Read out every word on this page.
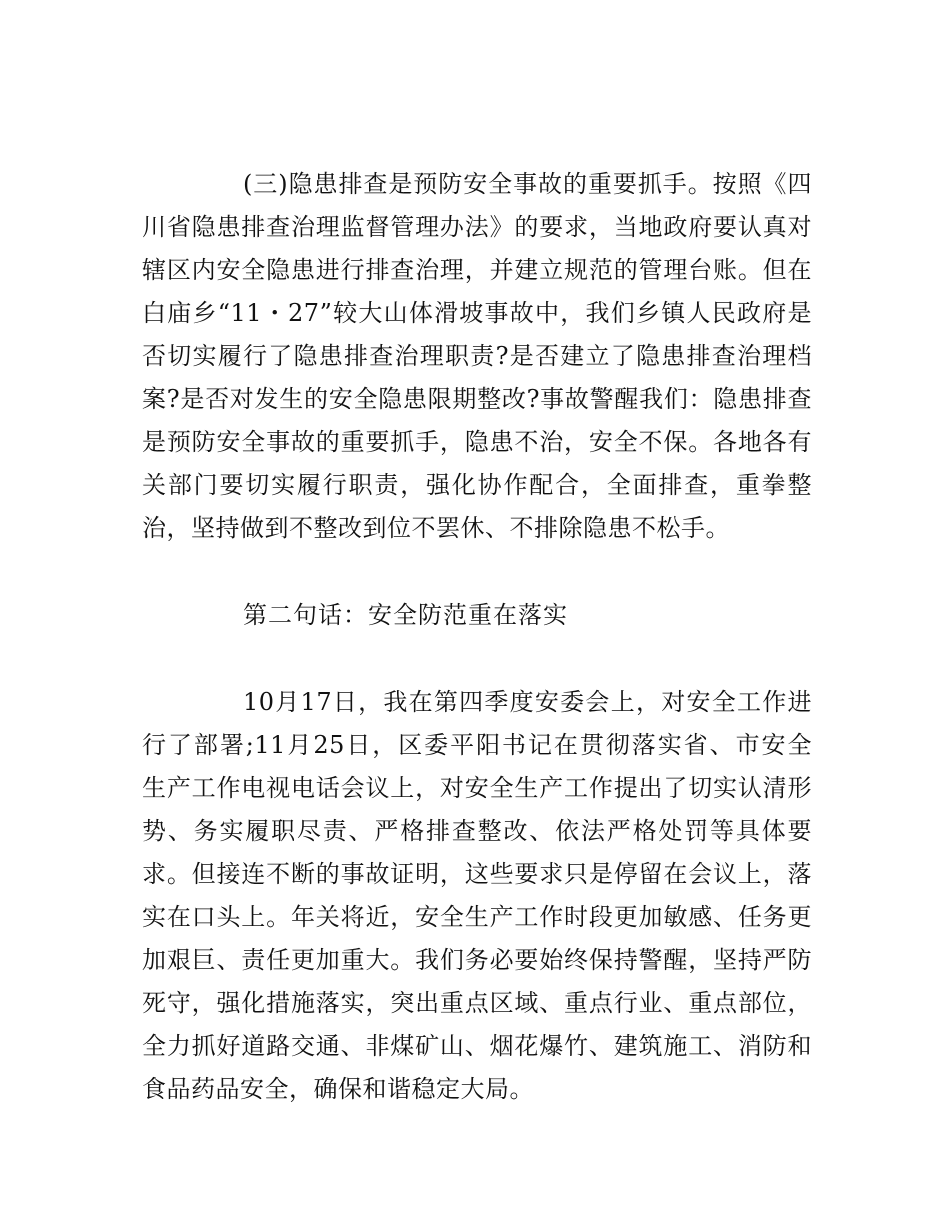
(三)隐患排查是预防安全事故的重要抓手。按照《四
川省隐患排查治理监督管理办法》的要求，当地政府要认真对
辖区内安全隐患进行排查治理，并建立规范的管理台账。但在
白庙乡“11・27”较大山体滑坡事故中，我们乡镇人民政府是
否切实履行了隐患排查治理职责?是否建立了隐患排查治理档
案?是否对发生的安全隐患限期整改?事故警醒我们：隐患排查
是预防安全事故的重要抓手，隐患不治，安全不保。各地各有
关部门要切实履行职责，强化协作配合，全面排查，重拳整
治，坚持做到不整改到位不罢休、不排除隐患不松手。
第二句话：安全防范重在落实
10月17日，我在第四季度安委会上，对安全工作进
行了部署;11月25日，区委平阳书记在贯彻落实省、市安全
生产工作电视电话会议上，对安全生产工作提出了切实认清形
势、务实履职尽责、严格排查整改、依法严格处罚等具体要
求。但接连不断的事故证明，这些要求只是停留在会议上，落
实在口头上。年关将近，安全生产工作时段更加敏感、任务更
加艰巨、责任更加重大。我们务必要始终保持警醒，坚持严防
死守，强化措施落实，突出重点区域、重点行业、重点部位，
全力抓好道路交通、非煤矿山、烟花爆竹、建筑施工、消防和
食品药品安全，确保和谐稳定大局。
